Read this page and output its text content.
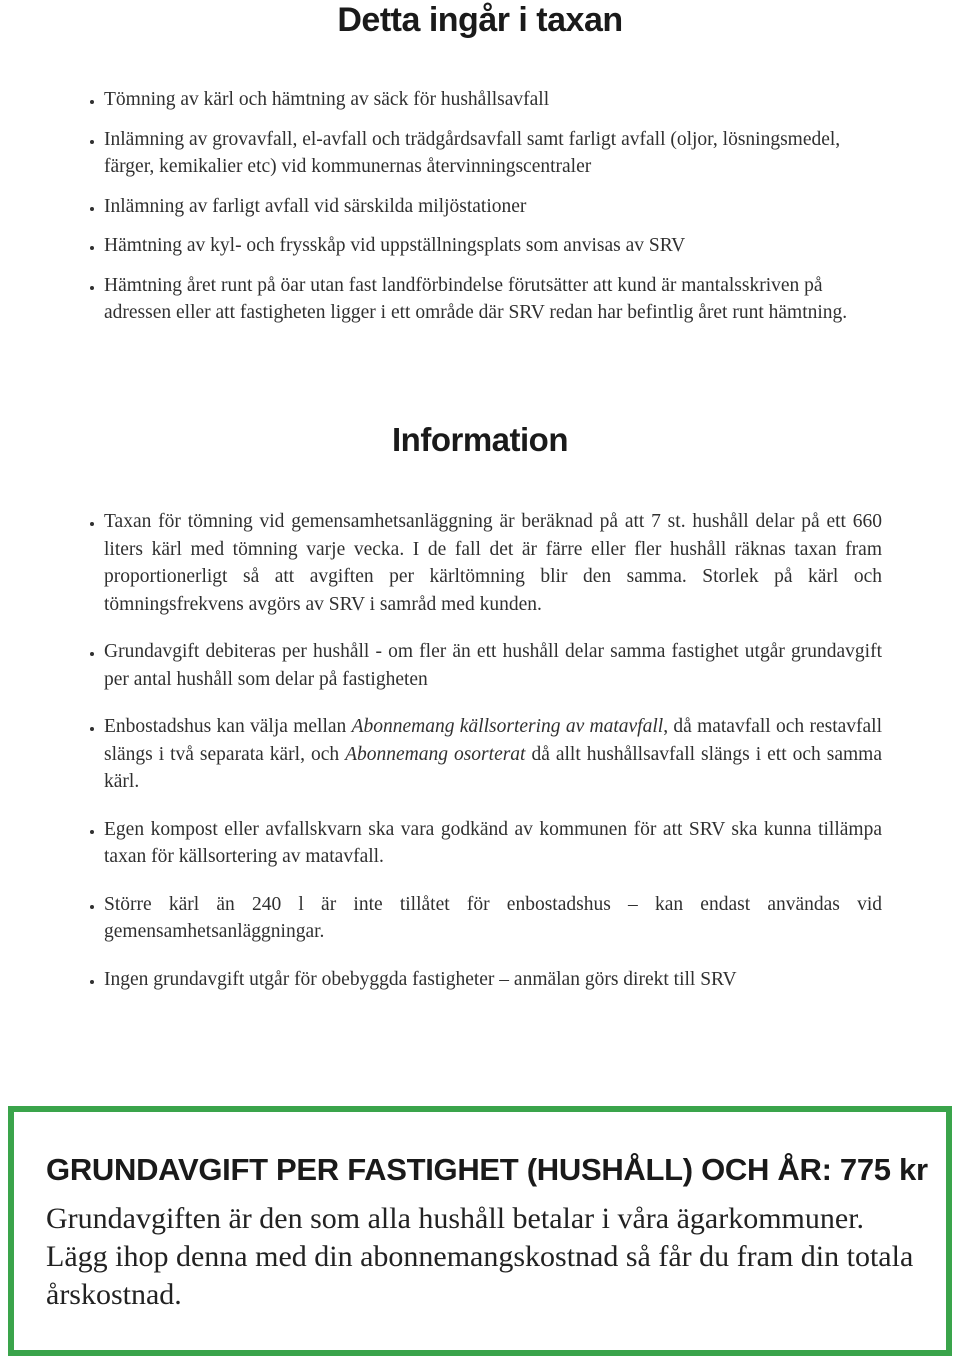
Detta ingår i taxan
• Tömning av kärl och hämtning av säck för hushållsavfall
• Inlämning av grovavfall, el-avfall och trädgårdsavfall samt farligt avfall (oljor, lösningsmedel, färger, kemikalier etc) vid kommunernas återvinningscentraler
• Inlämning av farligt avfall vid särskilda miljöstationer
• Hämtning av kyl- och frysskåp vid uppställningsplats som anvisas av SRV
• Hämtning året runt på öar utan fast landförbindelse förutsätter att kund är mantalsskriven på adressen eller att fastigheten ligger i ett område där SRV redan har befintlig året runt hämtning.
Information
• Taxan för tömning vid gemensamhetsanläggning är beräknad på att 7 st. hushåll delar på ett 660 liters kärl med tömning varje vecka. I de fall det är färre eller fler hushåll räknas taxan fram proportionerligt så att avgiften per kärltömning blir den samma. Storlek på kärl och tömningsfrekvens avgörs av SRV i samråd med kunden.
• Grundavgift debiteras per hushåll - om fler än ett hushåll delar samma fastighet utgår grundavgift per antal hushåll som delar på fastigheten
• Enbostadshus kan välja mellan Abonnemang källsortering av matavfall, då matavfall och restavfall slängs i två separata kärl, och Abonnemang osorterat då allt hushållsavfall slängs i ett och samma kärl.
• Egen kompost eller avfallskvarn ska vara godkänd av kommunen för att SRV ska kunna tillämpa taxan för källsortering av matavfall.
• Större kärl än 240 l är inte tillåtet för enbostadshus – kan endast användas vid gemensamhetsanläggningar.
• Ingen grundavgift utgår för obebyggda fastigheter – anmälan görs direkt till SRV
GRUNDAVGIFT PER FASTIGHET (HUSHÅLL) OCH ÅR: 775 kr
Grundavgiften är den som alla hushåll betalar i våra ägarkommuner. Lägg ihop denna med din abonnemangskostnad så får du fram din totala årskostnad.
